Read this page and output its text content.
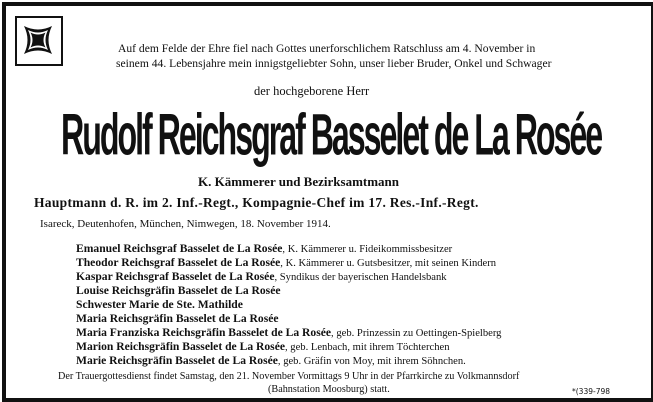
Auf dem Felde der Ehre fiel nach Gottes unerforschlichem Ratschluss am 4. November in
seinem 44. Lebensjahre mein innigstgeliebter Sohn, unser lieber Bruder, Onkel und Schwager
der hochgeborene Herr
Rudolf Reichsgraf Basselet de La Rosée
K. Kämmerer und Bezirksamtmann
Hauptmann d. R. im 2. Inf.-Regt., Kompagnie-Chef im 17. Res.-Inf.-Regt.
Isareck, Deutenhofen, München, Nimwegen, 18. November 1914.
Emanuel Reichsgraf Basselet de La Rosée, K. Kämmerer u. Fideikommissbesitzer
Theodor Reichsgraf Basselet de La Rosée, K. Kämmerer u. Gutsbesitzer, mit seinen Kindern
Kaspar Reichsgraf Basselet de La Rosée, Syndikus der bayerischen Handelsbank
Louise Reichsgräfin Basselet de La Rosée
Schwester Marie de Ste. Mathilde
Maria Reichsgräfin Basselet de La Rosée
Maria Franziska Reichsgräfin Basselet de La Rosée, geb. Prinzessin zu Oettingen-Spielberg
Marion Reichsgräfin Basselet de La Rosée, geb. Lenbach, mit ihrem Töchterchen
Marie Reichsgräfin Basselet de La Rosée, geb. Gräfin von Moy, mit ihrem Söhnchen.
Der Trauergottesdienst findet Samstag, den 21. November Vormittags 9 Uhr in der Pfarrkirche zu Volkmannsdorf
(Bahnstation Moosburg) statt.	*(339-798
